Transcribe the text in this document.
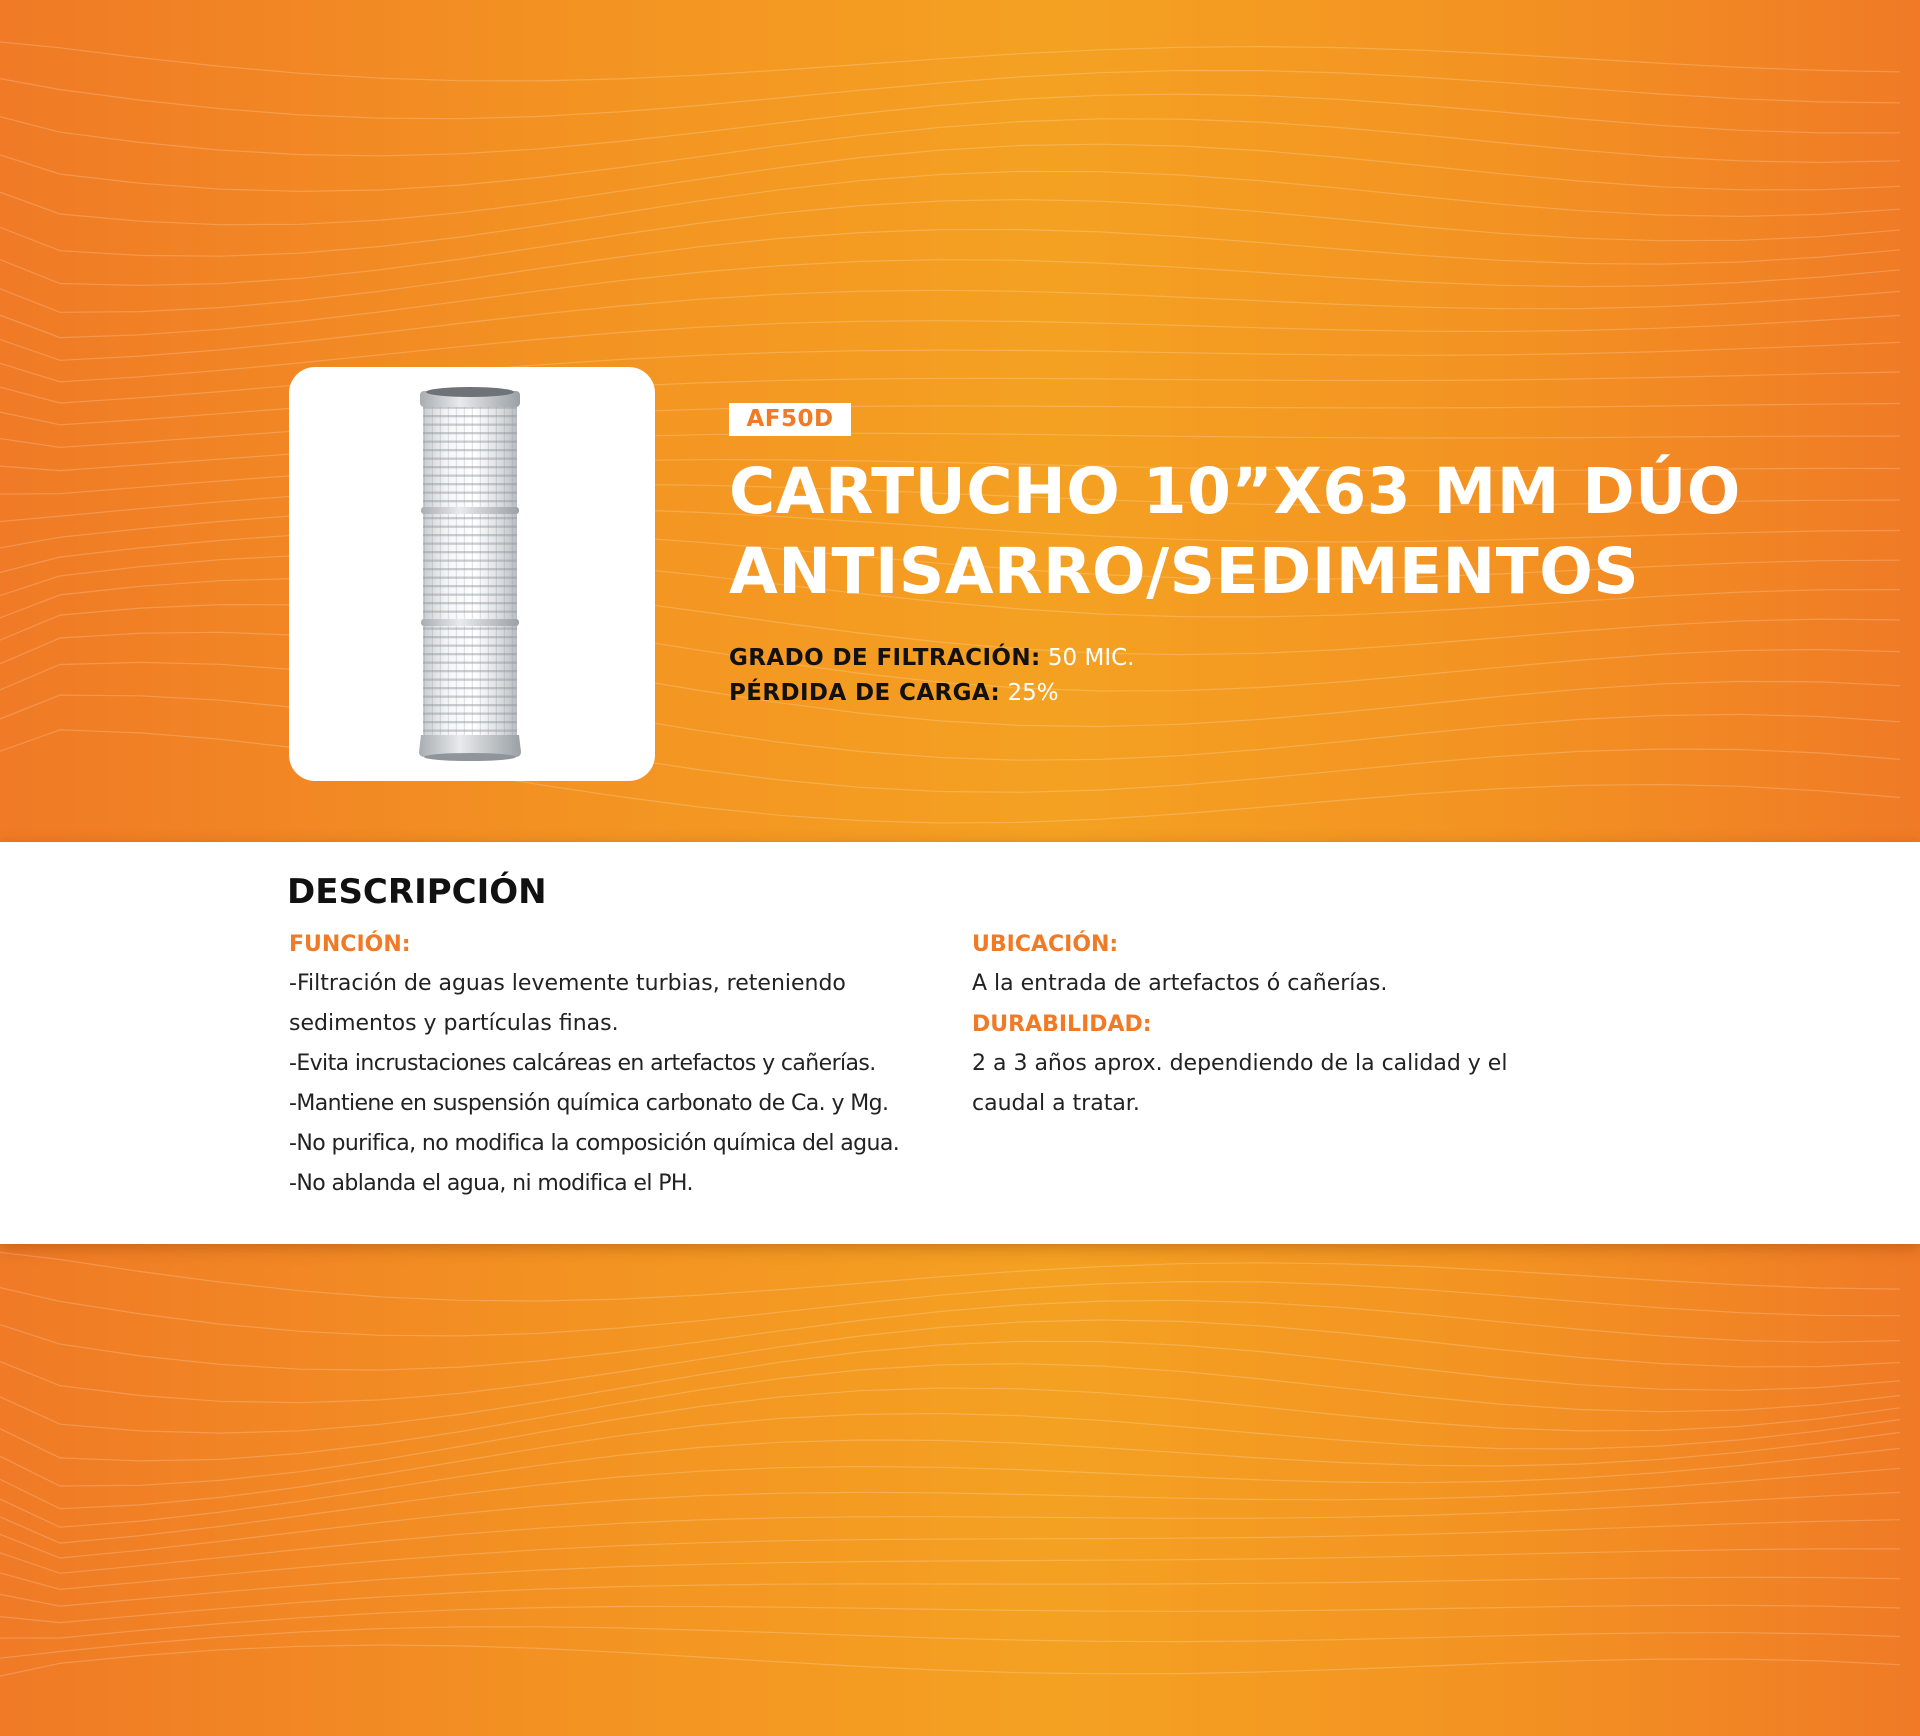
AF50D
CARTUCHO 10”X63 MM DÚO
ANTISARRO/SEDIMENTOS
GRADO DE FILTRACIÓN: 50 MIC.
PÉRDIDA DE CARGA: 25%
DESCRIPCIÓN
FUNCIÓN:
-Filtración de aguas levemente turbias, reteniendo
sedimentos y partículas finas.
-Evita incrustaciones calcáreas en artefactos y cañerías.
-Mantiene en suspensión química carbonato de Ca. y Mg.
-No purifica, no modifica la composición química del agua.
-No ablanda el agua, ni modifica el PH.
UBICACIÓN:
A la entrada de artefactos ó cañerías.
DURABILIDAD:
2 a 3 años aprox. dependiendo de la calidad y el
caudal a tratar.
